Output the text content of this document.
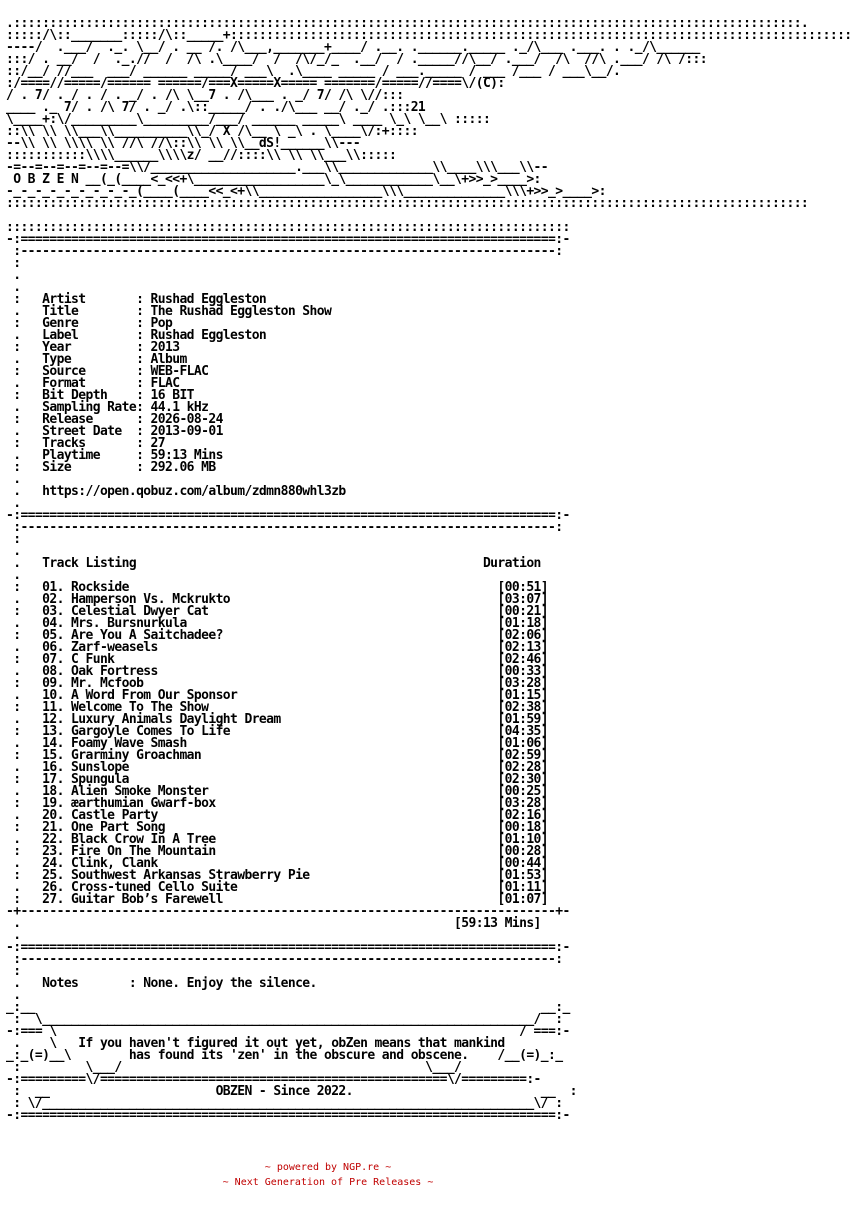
.:::::::::::::::::::::::::::::::::::::::::::::::::::::::::::::::::::::::::::::::::::::::::::::::::::::::::::::.
:::::/\::_______:::::/\::_____+::::::::::::::::::::::::::::::::::::::::::::::::::::::::::::::::::::::::::::::::::::::
----/  .___/  ._. \__/ . __ /. /\___,_______+____/ .__. .______._____ ._/\___ .___. . ._/\______
:::/ . __/  /  ._.//  /  /\ .\____/  /  /\/_/_  .__/  / ._____//\__/ .___/  /\  //\ .___/ /\ /:::
::/__/ //___  ___/ ______ _____/ ___\  .\____ _____ / ___._____ / ___ /___ / ___\__/.
:/====//=====/====== ======/===X=====X===== =======/=====//====\/(C):
/ . 7/ . / . / . _/ . /\ \__7 . /\___ . _/ 7/ /\ \//:::
____ ._ 7/ . /\ 7/ . _/ .\::_____/ . ./\___ __/ ._/ .:::21
\____+:\/_________\_________/___/ ______ _____\ ____ \_\ \__\ :::::
::\\ \\ \\___\\__________\\_/ X /\__ \ _\ . \____\/:+::::
--\\ \\ \\\\ \\ //\ //\::\\ \\ \\__dS!______\\---
:::::::::::\\\\______\\\\z/ __//::::\\ \\ \\___\\:::::
-=--=--=--=--=--=\\/____________________.___\\_____________\\____\\\___\\--
O B Z E N __(_(____<_<<+\__________________\_\____________\__\+>>_>____>:
-_-_-_-_-_-_-_-_-_(____(____<<_<+\\_________________\\\______________\\\+>>_>____>:
:::::::::::::::::::::::::::::::::::::::::::::::::::::::::::::::::::::::::::::::::::::::::::::::::::::::::::::::

::::::::::::::::::::::::::::::::::::::::::::::::::::::::::::::::::::::::::::::
-:==========================================================================:-
:--------------------------------------------------------------------------:
:
.
.
:   Artist       : Rushad Eggleston
.   Title        : The Rushad Eggleston Show
:   Genre        : Pop
.   Label        : Rushad Eggleston
:   Year         : 2013
.   Type         : Album
:   Source       : WEB-FLAC
.   Format       : FLAC
:   Bit Depth    : 16 BIT
.   Sampling Rate: 44.1 kHz
:   Release      : 2026-08-24
.   Street Date  : 2013-09-01
:   Tracks       : 27
.   Playtime     : 59:13 Mins
:   Size         : 292.06 MB
.
.   https://open.qobuz.com/album/zdmn880whl3zb
.
-:==========================================================================:-
:--------------------------------------------------------------------------:
:
.
.   Track Listing                                                Duration
.
:   01. Rockside                                                   [00:51]
.   02. Hamperson Vs. Mckrukto                                     [03:07]
:   03. Celestial Dwyer Cat                                        [00:21]
.   04. Mrs. Bursnurkula                                           [01:18]
:   05. Are You A Saitchadee?                                      [02:06]
.   06. Zarf-weasels                                               [02:13]
:   07. C Funk                                                     [02:46]
.   08. Oak Fortress                                               [00:33]
:   09. Mr. Mcfoob                                                 [03:28]
.   10. A Word From Our Sponsor                                    [01:15]
:   11. Welcome To The Show                                        [02:38]
.   12. Luxury Animals Daylight Dream                              [01:59]
:   13. Gargoyle Comes To Life                                     [04:35]
.   14. Foamy Wave Smash                                           [01:06]
:   15. Grarminy Groachman                                         [02:59]
.   16. Sunslope                                                   [02:28]
:   17. Spungula                                                   [02:30]
.   18. Alien Smoke Monster                                        [00:25]
:   19. æarthumian Gwarf-box                                       [03:28]
.   20. Castle Party                                               [02:16]
:   21. One Part Song                                              [00:18]
.   22. Black Crow In A Tree                                       [01:10]
:   23. Fire On The Mountain                                       [00:28]
.   24. Clink, Clank                                               [00:44]
:   25. Southwest Arkansas Strawberry Pie                          [01:53]
.   26. Cross-tuned Cello Suite                                    [01:11]
:   27. Guitar Bob’s Farewell                                      [01:07]
-+--------------------------------------------------------------------------+-
.                                                            [59:13 Mins]
.
-:==========================================================================:-
:--------------------------------------------------------------------------:
:
.   Notes       : None. Enjoy the silence.
.
_:__                                                                      __:_
:  \____________________________________________________________________/  :
-:=== \                                                                / ===:-
.    \   If you haven't figured it out yet, obZen means that mankind
_:_(=)__\        has found its 'zen' in the obscure and obscene.    /__(=)_:_
:         \___/                                          \___/
-:=========\/================================================\/=========:-
:  __                       OBZEN - Since 2022.                          __  :
: \/____________________________________________________________________\/ :
-:==========================================================================:-
~ powered by NGP.re ~
~ Next Generation of Pre Releases ~
